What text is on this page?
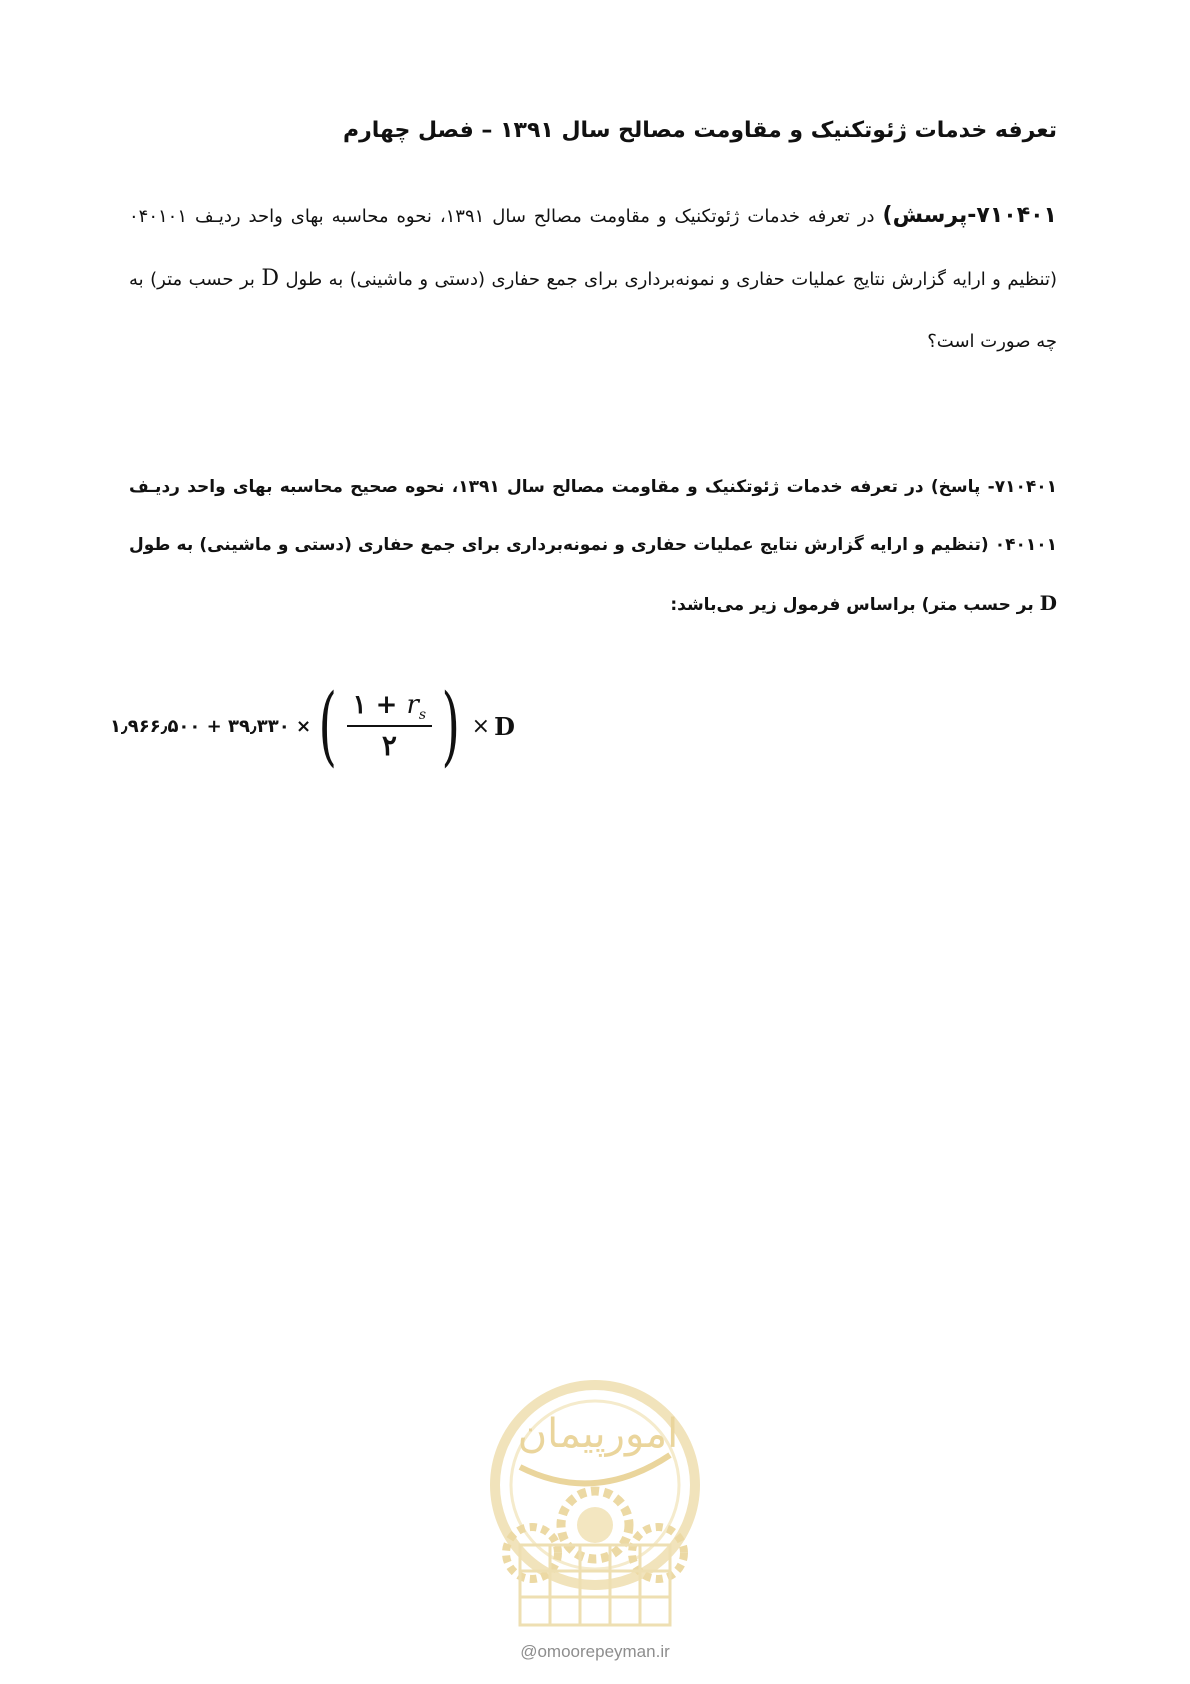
تعرفه خدمات ژئوتکنیک و مقاومت مصالح سال ۱۳۹۱ – فصل چهارم
۷۱۰۴۰۱-پرسش) در تعرفه خدمات ژئوتکنیک و مقاومت مصالح سال ۱۳۹۱، نحوه محاسبه بهای واحد ردیـف ۰۴۰۱۰۱ (تنظیم و ارایه گزارش نتایج عملیات حفاری و نمونه‌برداری برای جمع حفاری (دستی و ماشینی) به طول D بر حسب متر) به چه صورت است؟
۷۱۰۴۰۱- پاسخ) در تعرفه خدمات ژئوتکنیک و مقاومت مصالح سال ۱۳۹۱، نحوه صحیح محاسبه بهای واحد ردیـف ۰۴۰۱۰۱ (تنظیم و ارایه گزارش نتایج عملیات حفاری و نمونه‌برداری برای جمع حفاری (دستی و ماشینی) به طول D بر حسب متر) براساس فرمول زیر می‌باشد:
۱٫۹۶۶٫۵۰۰ + ۳۹٫۳۳۰ × ( $\frac{۱ + r_s}{۲}$ ) × D
امورپیمان
@omoorepeyman.ir
